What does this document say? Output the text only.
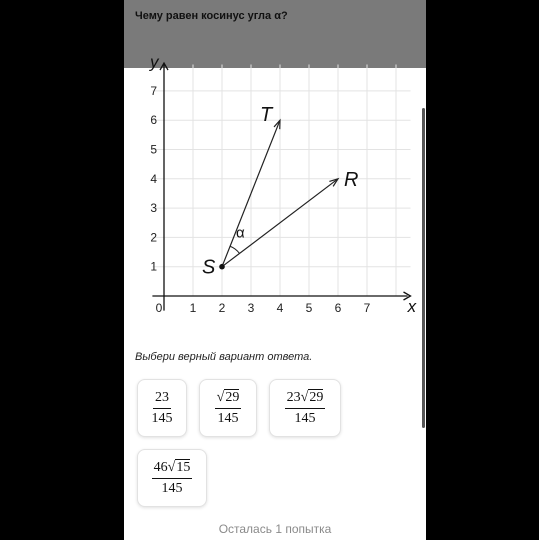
Чему равен косинус угла α?
0 1 2 3 4 5 6 7
1
2
3
4
5
6
7
S
T
R
x
y
α
Выбери верный вариант ответа.
$\frac{23}{145}$	$\frac{√29}{145}$	$\frac{23√29}{145}$
$\frac{46√15}{145}$
Осталась 1 попытка
